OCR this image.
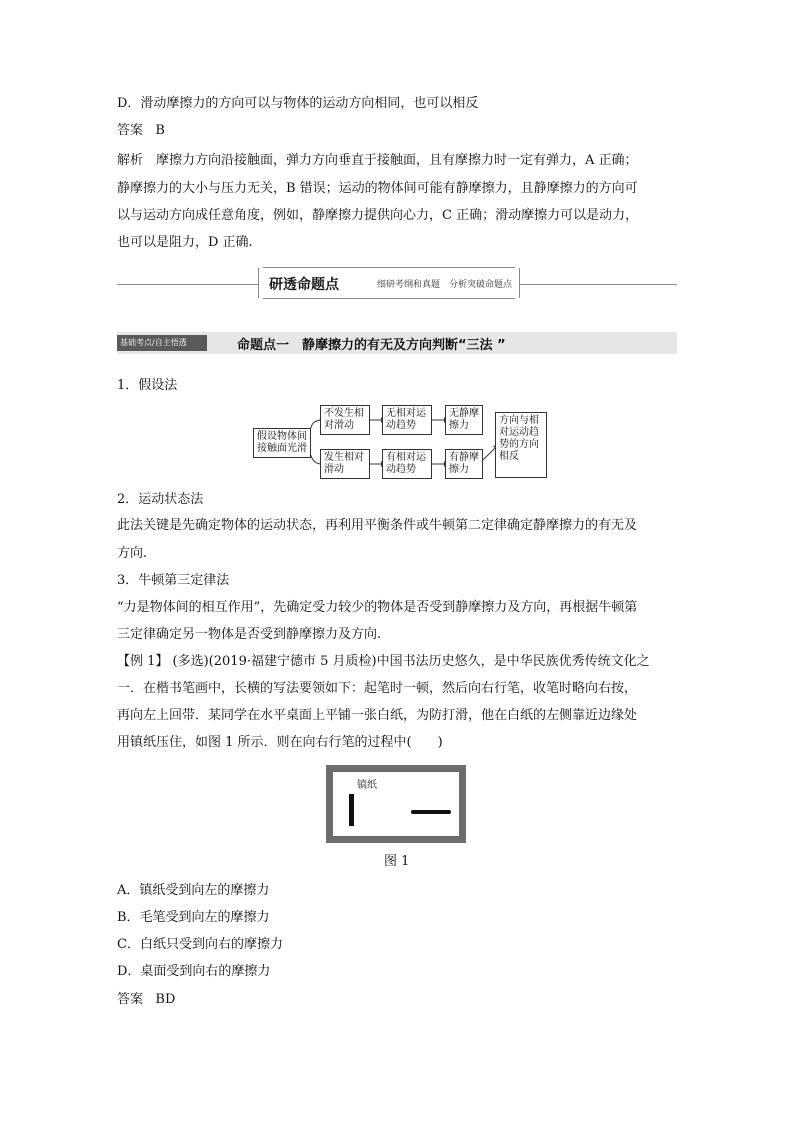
D．滑动摩擦力的方向可以与物体的运动方向相同，也可以相反
答案 B
解析　摩擦力方向沿接触面，弹力方向垂直于接触面，且有摩擦力时一定有弹力，A 正确；
静摩擦力的大小与压力无关，B 错误；运动的物体间可能有静摩擦力，且静摩擦力的方向可
以与运动方向成任意角度，例如，静摩擦力提供向心力，C 正确；滑动摩擦力可以是动力，
也可以是阻力，D 正确.
研透命题点	细研考纲和真题　分析突破命题点
基础考点/自主悟透	命题点一　静摩擦力的有无及方向判断“三法 ”
1．假设法
假设物体间接触面光滑
不发生相对滑动
无相对运动趋势
无静摩擦力
发生相对滑动
有相对运动趋势
有静摩擦力
方向与相对运动趋势的方向相反
2．运动状态法
此法关键是先确定物体的运动状态，再利用平衡条件或牛顿第二定律确定静摩擦力的有无及
方向.
3．牛顿第三定律法
“力是物体间的相互作用”，先确定受力较少的物体是否受到静摩擦力及方向，再根据牛顿第
三定律确定另一物体是否受到静摩擦力及方向.
【例 1】 (多选)(2019·福建宁德市 5 月质检)中国书法历史悠久，是中华民族优秀传统文化之
一．在楷书笔画中，长横的写法要领如下：起笔时一顿，然后向右行笔，收笔时略向右按，
再向左上回带．某同学在水平桌面上平铺一张白纸，为防打滑，他在白纸的左侧靠近边缘处
用镇纸压住，如图 1 所示．则在向右行笔的过程中(　　)
镇纸
图 1
A．镇纸受到向左的摩擦力
B．毛笔受到向左的摩擦力
C．白纸只受到向右的摩擦力
D．桌面受到向右的摩擦力
答案 BD
